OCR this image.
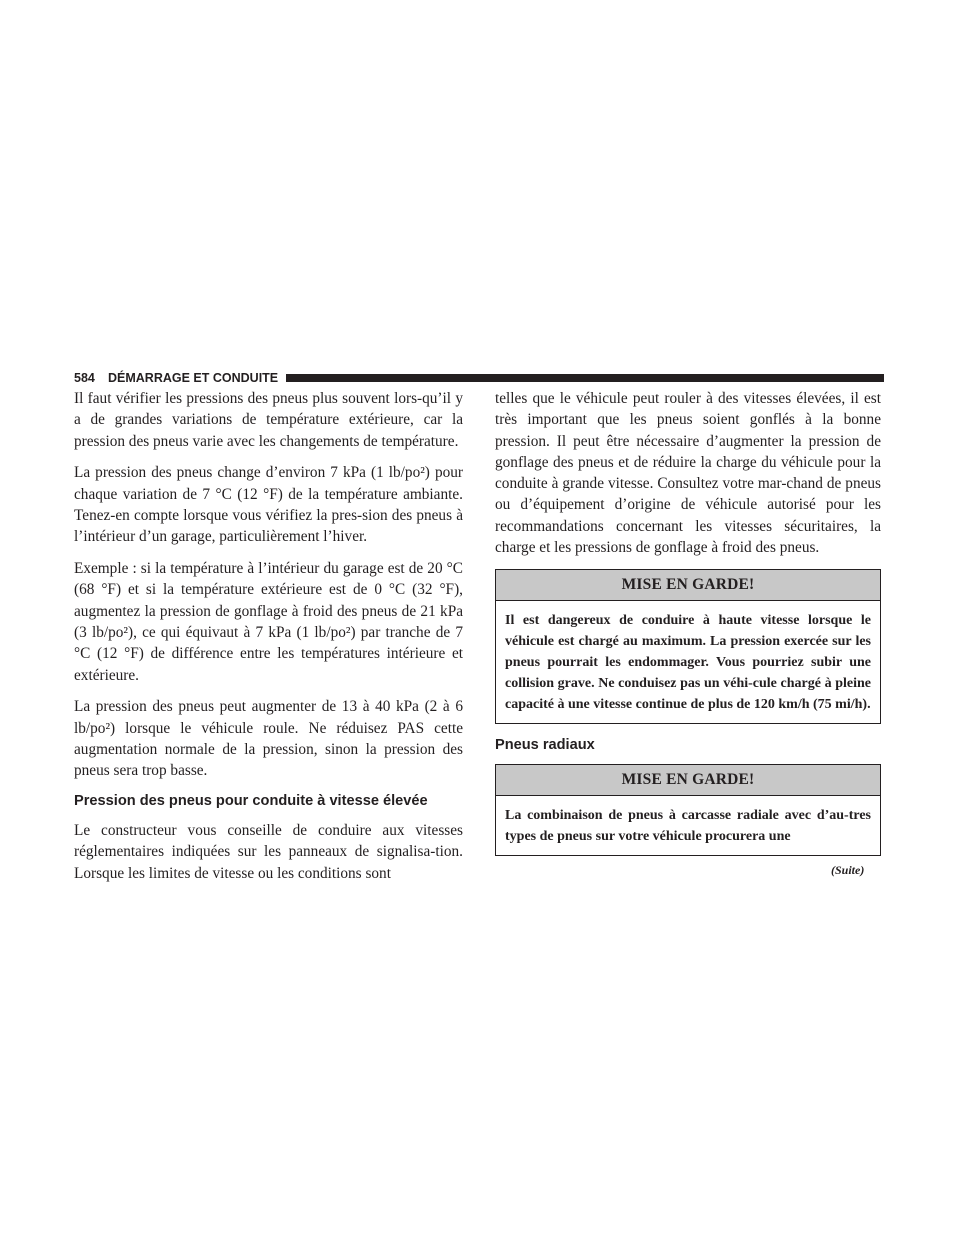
584 DÉMARRAGE ET CONDUITE

Il faut vérifier les pressions des pneus plus souvent lors-qu’il y a de grandes variations de température extérieure, car la pression des pneus varie avec les changements de température.

La pression des pneus change d’environ 7 kPa (1 lb/po²) pour chaque variation de 7 °C (12 °F) de la température ambiante. Tenez-en compte lorsque vous vérifiez la pres-sion des pneus à l’intérieur d’un garage, particulièrement l’hiver.

Exemple : si la température à l’intérieur du garage est de 20 °C (68 °F) et si la température extérieure est de 0 °C (32 °F), augmentez la pression de gonflage à froid des pneus de 21 kPa (3 lb/po²), ce qui équivaut à 7 kPa (1 lb/po²) par tranche de 7 °C (12 °F) de différence entre les températures intérieure et extérieure.

La pression des pneus peut augmenter de 13 à 40 kPa (2 à 6 lb/po²) lorsque le véhicule roule. Ne réduisez PAS cette augmentation normale de la pression, sinon la pression des pneus sera trop basse.

Pression des pneus pour conduite à vitesse élevée

Le constructeur vous conseille de conduire aux vitesses réglementaires indiquées sur les panneaux de signalisa-tion. Lorsque les limites de vitesse ou les conditions sont

telles que le véhicule peut rouler à des vitesses élevées, il est très important que les pneus soient gonflés à la bonne pression. Il peut être nécessaire d’augmenter la pression de gonflage des pneus et de réduire la charge du véhicule pour la conduite à grande vitesse. Consultez votre mar-chand de pneus ou d’équipement d’origine de véhicule autorisé pour les recommandations concernant les vitesses sécuritaires, la charge et les pressions de gonflage à froid des pneus.

MISE EN GARDE!
Il est dangereux de conduire à haute vitesse lorsque le véhicule est chargé au maximum. La pression exercée sur les pneus pourrait les endommager. Vous pourriez subir une collision grave. Ne conduisez pas un véhi-cule chargé à pleine capacité à une vitesse continue de plus de 120 km/h (75 mi/h).
Pneus radiaux
MISE EN GARDE!
La combinaison de pneus à carcasse radiale avec d’au-tres types de pneus sur votre véhicule procurera une
(Suite)
